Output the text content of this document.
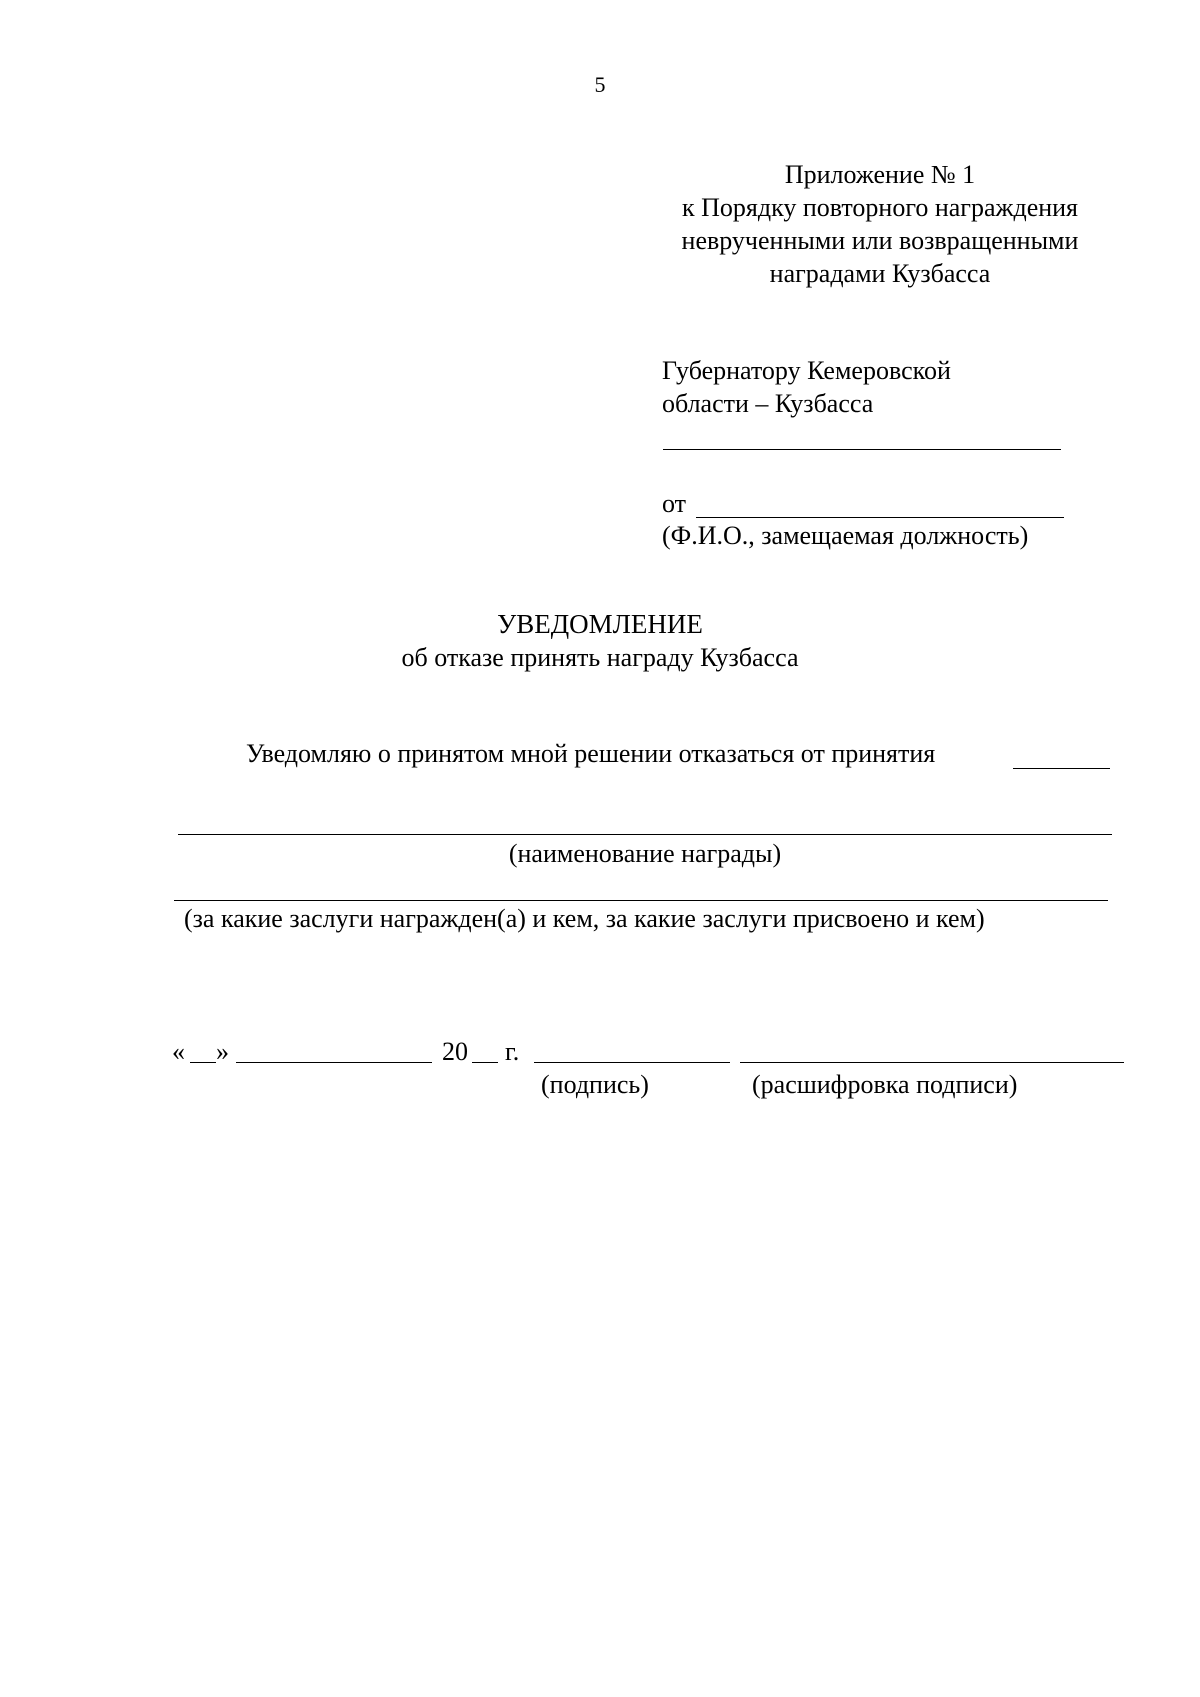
5
Приложение № 1
к Порядку повторного награждения
неврученными или возвращенными
наградами Кузбасса
Губернатору Кемеровской
области – Кузбасса
от
(Ф.И.О., замещаемая должность)
УВЕДОМЛЕНИЕ
об отказе принять награду Кузбасса
Уведомляю о принятом мной решении отказаться от принятия
(наименование награды)
(за какие заслуги награжден(а) и кем, за какие заслуги присвоено и кем)
« »	20 г.
(подпись)	(расшифровка подписи)
